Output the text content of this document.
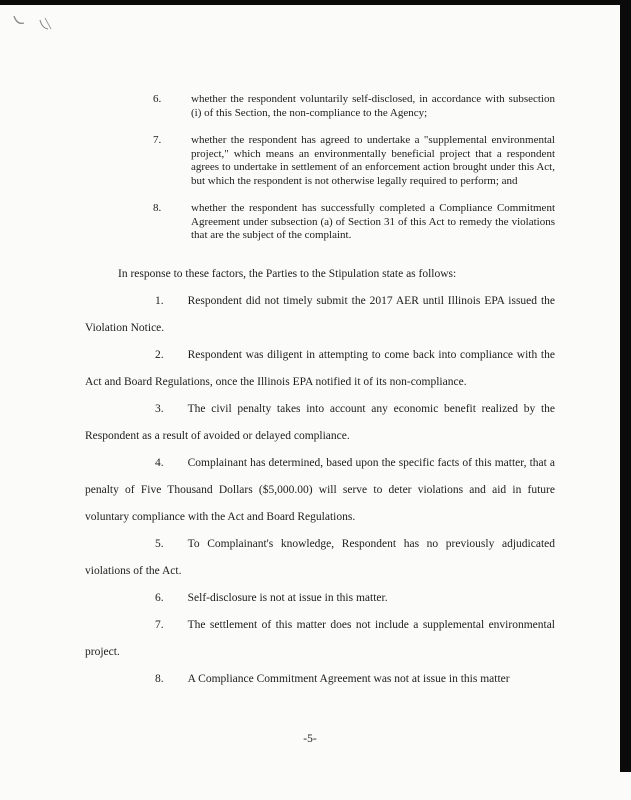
6.	whether the respondent voluntarily self-disclosed, in accordance with subsection (i) of this Section, the non-compliance to the Agency;
7.	whether the respondent has agreed to undertake a "supplemental environmental project," which means an environmentally beneficial project that a respondent agrees to undertake in settlement of an enforcement action brought under this Act, but which the respondent is not otherwise legally required to perform; and
8.	whether the respondent has successfully completed a Compliance Commitment Agreement under subsection (a) of Section 31 of this Act to remedy the violations that are the subject of the complaint.

In response to these factors, the Parties to the Stipulation state as follows:

1. Respondent did not timely submit the 2017 AER until Illinois EPA issued the Violation Notice.

2. Respondent was diligent in attempting to come back into compliance with the Act and Board Regulations, once the Illinois EPA notified it of its non-compliance.

3. The civil penalty takes into account any economic benefit realized by the Respondent as a result of avoided or delayed compliance.

4. Complainant has determined, based upon the specific facts of this matter, that a penalty of Five Thousand Dollars ($5,000.00) will serve to deter violations and aid in future voluntary compliance with the Act and Board Regulations.

5. To Complainant's knowledge, Respondent has no previously adjudicated violations of the Act.

6. Self-disclosure is not at issue in this matter.

7. The settlement of this matter does not include a supplemental environmental project.

8. A Compliance Commitment Agreement was not at issue in this matter

-5-
